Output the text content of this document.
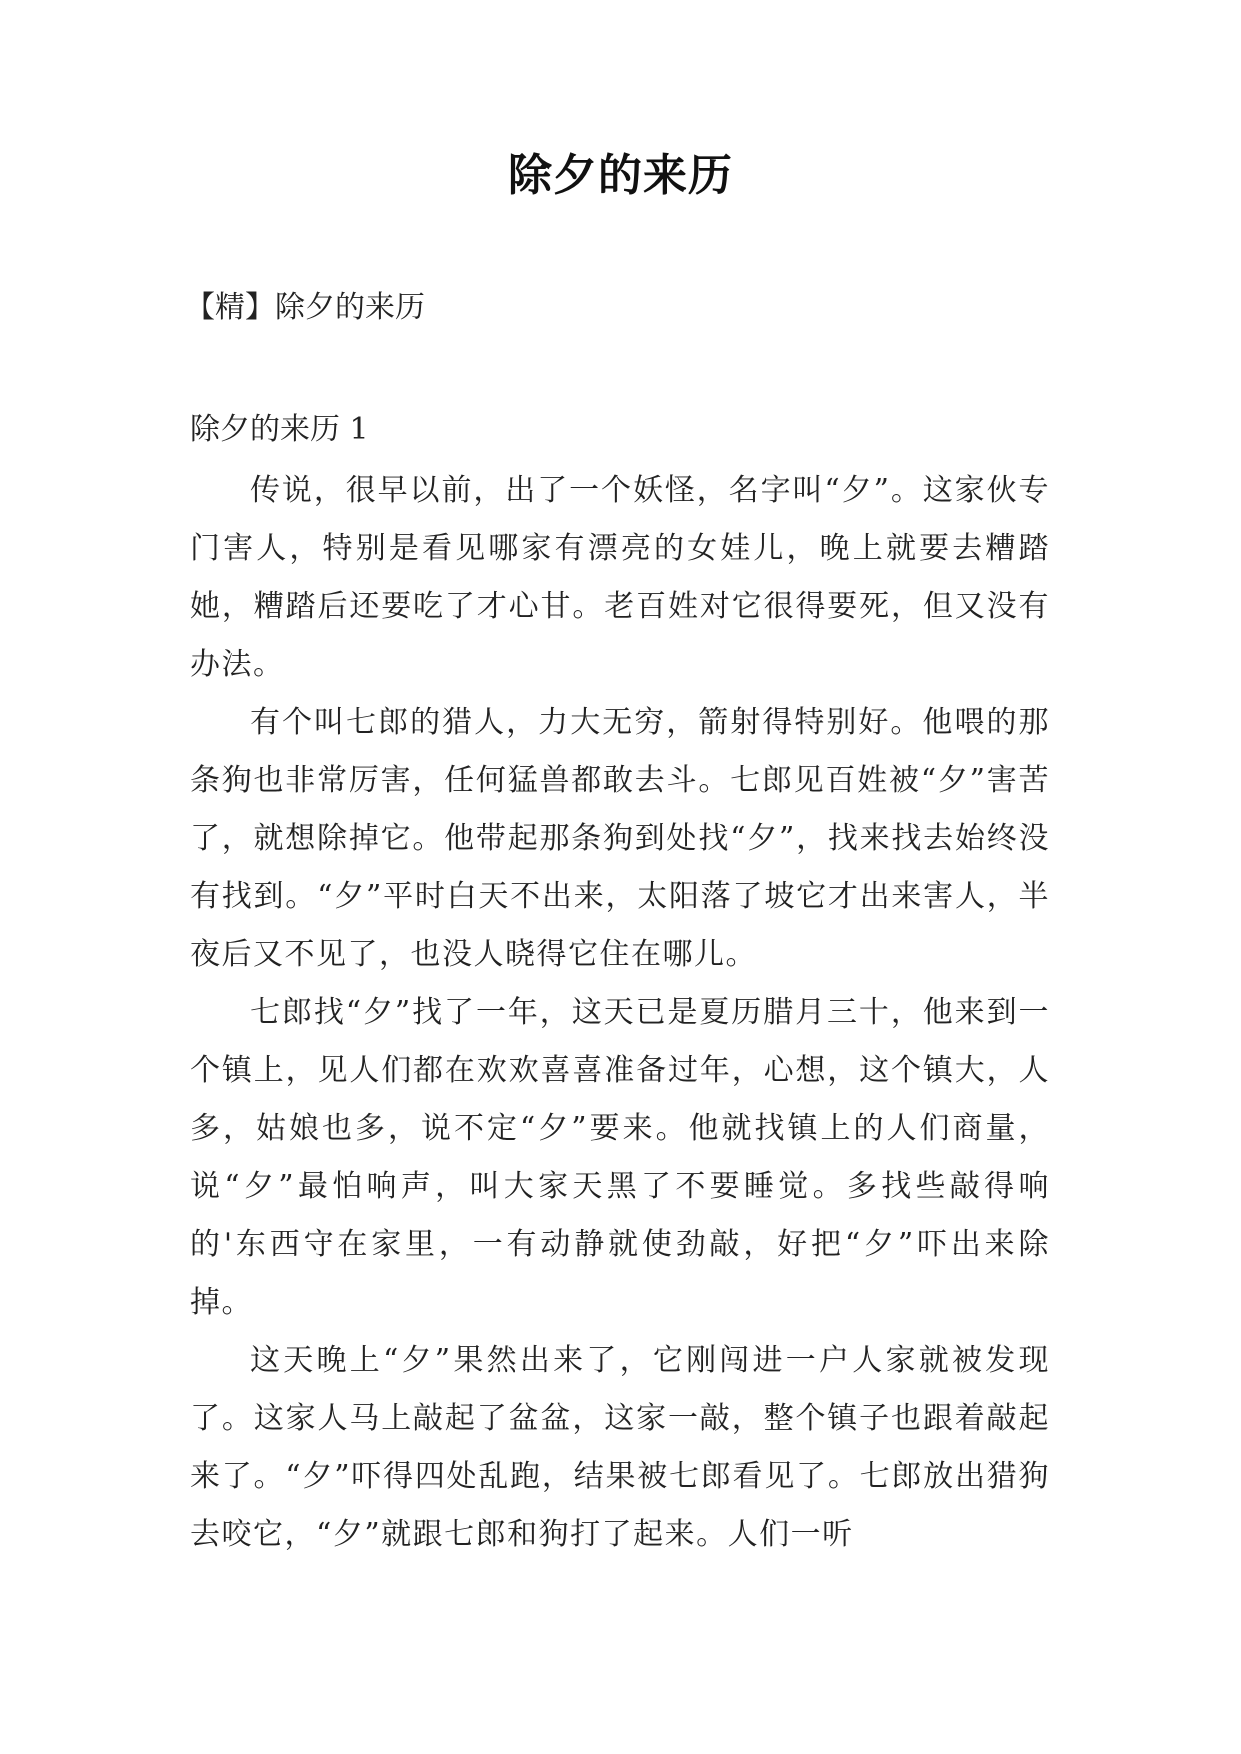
除夕的来历
【精】除夕的来历
除夕的来历 1

传说，很早以前，出了一个妖怪，名字叫“夕”。这家伙专门害人，特别是看见哪家有漂亮的女娃儿，晚上就要去糟踏她，糟踏后还要吃了才心甘。老百姓对它很得要死，但又没有办法。

有个叫七郎的猎人，力大无穷，箭射得特别好。他喂的那条狗也非常厉害，任何猛兽都敢去斗。七郎见百姓被“夕”害苦了，就想除掉它。他带起那条狗到处找“夕”，找来找去始终没有找到。“夕”平时白天不出来，太阳落了坡它才出来害人，半夜后又不见了，也没人晓得它住在哪儿。

七郎找“夕”找了一年，这天已是夏历腊月三十，他来到一个镇上，见人们都在欢欢喜喜准备过年，心想，这个镇大，人多，姑娘也多，说不定“夕”要来。他就找镇上的人们商量，说“夕”最怕响声，叫大家天黑了不要睡觉。多找些敲得响的'东西守在家里，一有动静就使劲敲，好把“夕”吓出来除掉。

这天晚上“夕”果然出来了，它刚闯进一户人家就被发现了。这家人马上敲起了盆盆，这家一敲，整个镇子也跟着敲起来了。“夕”吓得四处乱跑，结果被七郎看见了。七郎放出猎狗去咬它，“夕”就跟七郎和狗打了起来。人们一听
